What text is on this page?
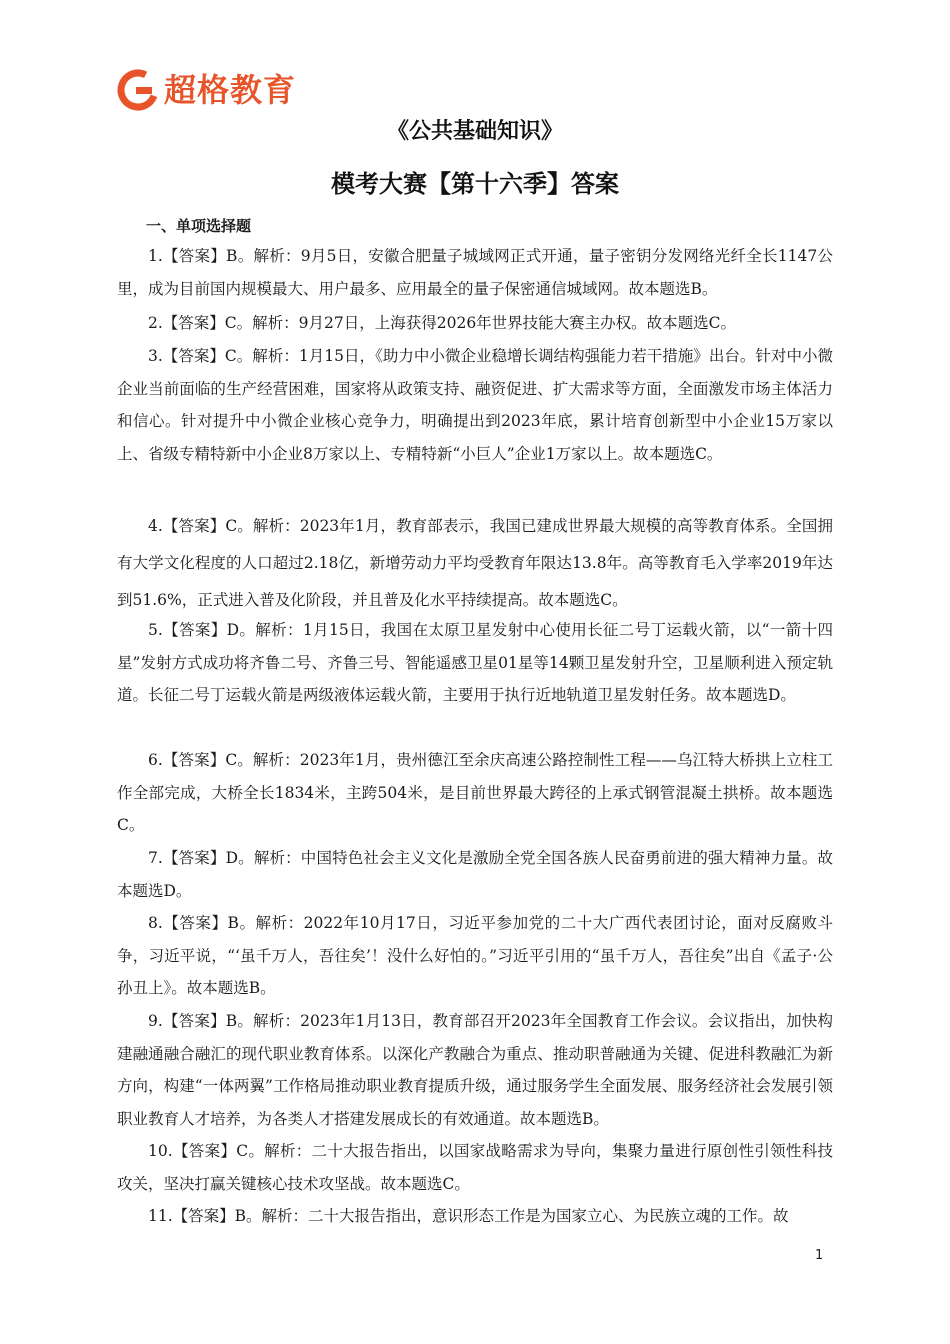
超格教育
《公共基础知识》
模考大赛【第十六季】答案
一、单项选择题

1.【答案】B。解析：9月5日，安徽合肥量子城域网正式开通，量子密钥分发网络光纤全长1147公里，成为目前国内规模最大、用户最多、应用最全的量子保密通信城域网。故本题选B。

2.【答案】C。解析：9月27日，上海获得2026年世界技能大赛主办权。故本题选C。

3.【答案】C。解析：1月15日，《助力中小微企业稳增长调结构强能力若干措施》出台。针对中小微企业当前面临的生产经营困难，国家将从政策支持、融资促进、扩大需求等方面，全面激发市场主体活力和信心。针对提升中小微企业核心竞争力，明确提出到2023年底，累计培育创新型中小企业15万家以上、省级专精特新中小企业8万家以上、专精特新“小巨人”企业1万家以上。故本题选C。

4.【答案】C。解析：2023年1月，教育部表示，我国已建成世界最大规模的高等教育体系。全国拥有大学文化程度的人口超过2.18亿，新增劳动力平均受教育年限达13.8年。高等教育毛入学率2019年达到51.6%，正式进入普及化阶段，并且普及化水平持续提高。故本题选C。

5.【答案】D。解析：1月15日，我国在太原卫星发射中心使用长征二号丁运载火箭，以“一箭十四星”发射方式成功将齐鲁二号、齐鲁三号、智能遥感卫星01星等14颗卫星发射升空，卫星顺利进入预定轨道。长征二号丁运载火箭是两级液体运载火箭，主要用于执行近地轨道卫星发射任务。故本题选D。

6.【答案】C。解析：2023年1月，贵州德江至余庆高速公路控制性工程——乌江特大桥拱上立柱工作全部完成，大桥全长1834米，主跨504米，是目前世界最大跨径的上承式钢管混凝土拱桥。故本题选C。

7.【答案】D。解析：中国特色社会主义文化是激励全党全国各族人民奋勇前进的强大精神力量。故本题选D。

8.【答案】B。解析：2022年10月17日，习近平参加党的二十大广西代表团讨论，面对反腐败斗争，习近平说，“‘虽千万人，吾往矣’！没什么好怕的。”习近平引用的“虽千万人，吾往矣”出自《孟子·公孙丑上》。故本题选B。

9.【答案】B。解析：2023年1月13日，教育部召开2023年全国教育工作会议。会议指出，加快构建融通融合融汇的现代职业教育体系。以深化产教融合为重点、推动职普融通为关键、促进科教融汇为新方向，构建“一体两翼”工作格局推动职业教育提质升级，通过服务学生全面发展、服务经济社会发展引领职业教育人才培养，为各类人才搭建发展成长的有效通道。故本题选B。

10.【答案】C。解析：二十大报告指出，以国家战略需求为导向，集聚力量进行原创性引领性科技攻关，坚决打赢关键核心技术攻坚战。故本题选C。

11.【答案】B。解析：二十大报告指出，意识形态工作是为国家立心、为民族立魂的工作。故

1
